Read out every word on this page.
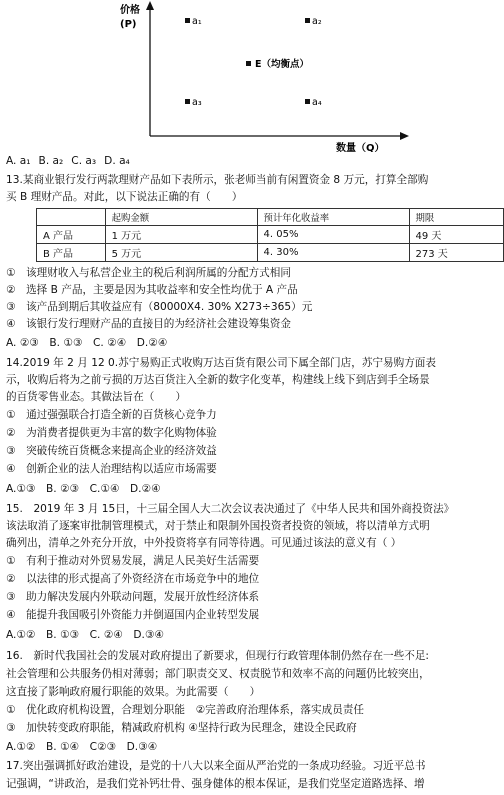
价格
(P)
数量（Q）
a₁	a₂
E（均衡点）
a₃	a₄
A. a₁ B. a₂ C. a₃ D. a₄
13.某商业银行发行两款理财产品如下表所示，张老师当前有闲置资金 8 万元，打算全部购
买 B 理财产品。对此，以下说法正确的有（　　）
	起购金额	预计年化收益率	期限
A 产品	1 万元	4. 05%	49 天
B 产品	5 万元	4. 30%	273 天
①　该理财收入与私营企业主的税后利润所属的分配方式相同
②　选择 B 产品，主要是因为其收益率和安全性均优于 A 产品
③　该产品到期后其收益应有（80000X4. 30% X273÷365）元
④　该银行发行理财产品的直接目的为经济社会建设筹集资金
A. ②③　B. ①③　C. ②④　D.②④
14.2019 年 2 月 12 0.苏宁易购正式收购万达百货有限公司下属全部门店，苏宁易购方面表
示，收购后将为之前亏损的万达百货注入全新的数字化变革，构建线上线下到店到手全场景
的百货零售业态。其做法旨在（　　）
①　通过强强联合打造全新的百货核心竞争力
②　为消费者提供更为丰富的数字化购物体验
③　突破传统百货概念来提高企业的经济效益
④　创新企业的法人治理结构以适应市场需要
A.①③　B. ②③　C.①④　D.②④
15.　2019 年 3 月 15日，十三届全国人大二次会议表决通过了《中华人民共和国外商投资法》
该法取消了逐案审批制管理模式，对于禁止和限制外国投资者投资的领域，将以清单方式明
确列出，清单之外充分开放，中外投资将享有同等待遇。可见通过该法的意义有（ ）
①　有利于推动对外贸易发展，满足人民美好生活需要
②　以法律的形式提高了外资经济在市场竞争中的地位
③　助力解决发展内外联动问题，发展开放性经济体系
④　能提升我国吸引外资能力并倒逼国内企业转型发展
A.①②　B. ①③　C. ②④　D.③④
16.　新时代我国社会的发展对政府提出了新要求，但现行行政管理体制仍然存在一些不足:
社会管理和公共服务仍相对薄弱；部门职责交叉、权责脱节和效率不高的问题仍比较突出，
这直接了影响政府履行职能的效果。为此需要（　　）
①　优化政府机构设置，合理划分职能　②完善政府治理体系，落实成员责任
③　加快转变政府职能，精减政府机构 ④坚持行政为民理念，建设全民政府
A.①②　B. ①④　C②③　D.③④
17.突出强调抓好政治建设，是党的十八大以来全面从严治党的一条成功经验。习近平总书
记强调，“讲政治，是我们党补钙壮骨、强身健体的根本保证，是我们党坚定道路选择、增
